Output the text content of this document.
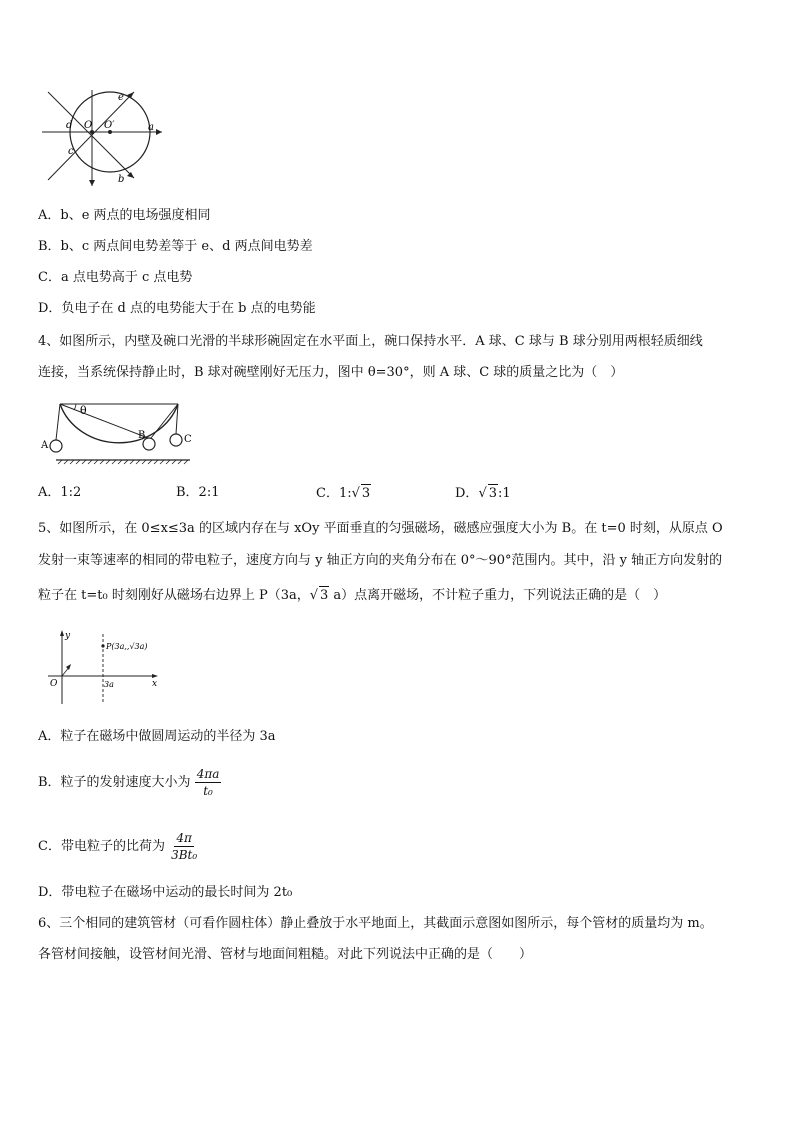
e
d O O′	a
c
b
A．b、e 两点的电场强度相同
B．b、c 两点间电势差等于 e、d 两点间电势差
C．a 点电势高于 c 点电势
D．负电子在 d 点的电势能大于在 b 点的电势能
4、如图所示，内壁及碗口光滑的半球形碗固定在水平面上，碗口保持水平．A 球、C 球与 B 球分别用两根轻质细线
连接，当系统保持静止时，B 球对碗壁刚好无压力，图中 θ=30°，则 A 球、C 球的质量之比为（　）
θ
A
B	C
A．1:2	B．2:1	C．1:√ 3	D．√ 3:1
5、如图所示，在 0≤x≤3a 的区域内存在与 xOy 平面垂直的匀强磁场，磁感应强度大小为 B。在 t=0 时刻，从原点 O
发射一束等速率的相同的带电粒子，速度方向与 y 轴正方向的夹角分布在 0°～90°范围内。其中，沿 y 轴正方向发射的
粒子在 t=t₀ 时刻刚好从磁场右边界上 P（3a，√ 3 a）点离开磁场，不计粒子重力，下列说法正确的是（　）
y
P(3a,,√3a)
O	3a	x
A．粒子在磁场中做圆周运动的半径为 3a
B．粒子的发射速度大小为 $\frac{4\pi a}{\text{t₀}}$
C．带电粒子的比荷为 $\frac{4\pi}{\text{3Bt₀}}$
D．带电粒子在磁场中运动的最长时间为 2t₀
6、三个相同的建筑管材（可看作圆柱体）静止叠放于水平地面上，其截面示意图如图所示，每个管材的质量均为 m。
各管材间接触，设管材间光滑、管材与地面间粗糙。对此下列说法中正确的是（　　）
